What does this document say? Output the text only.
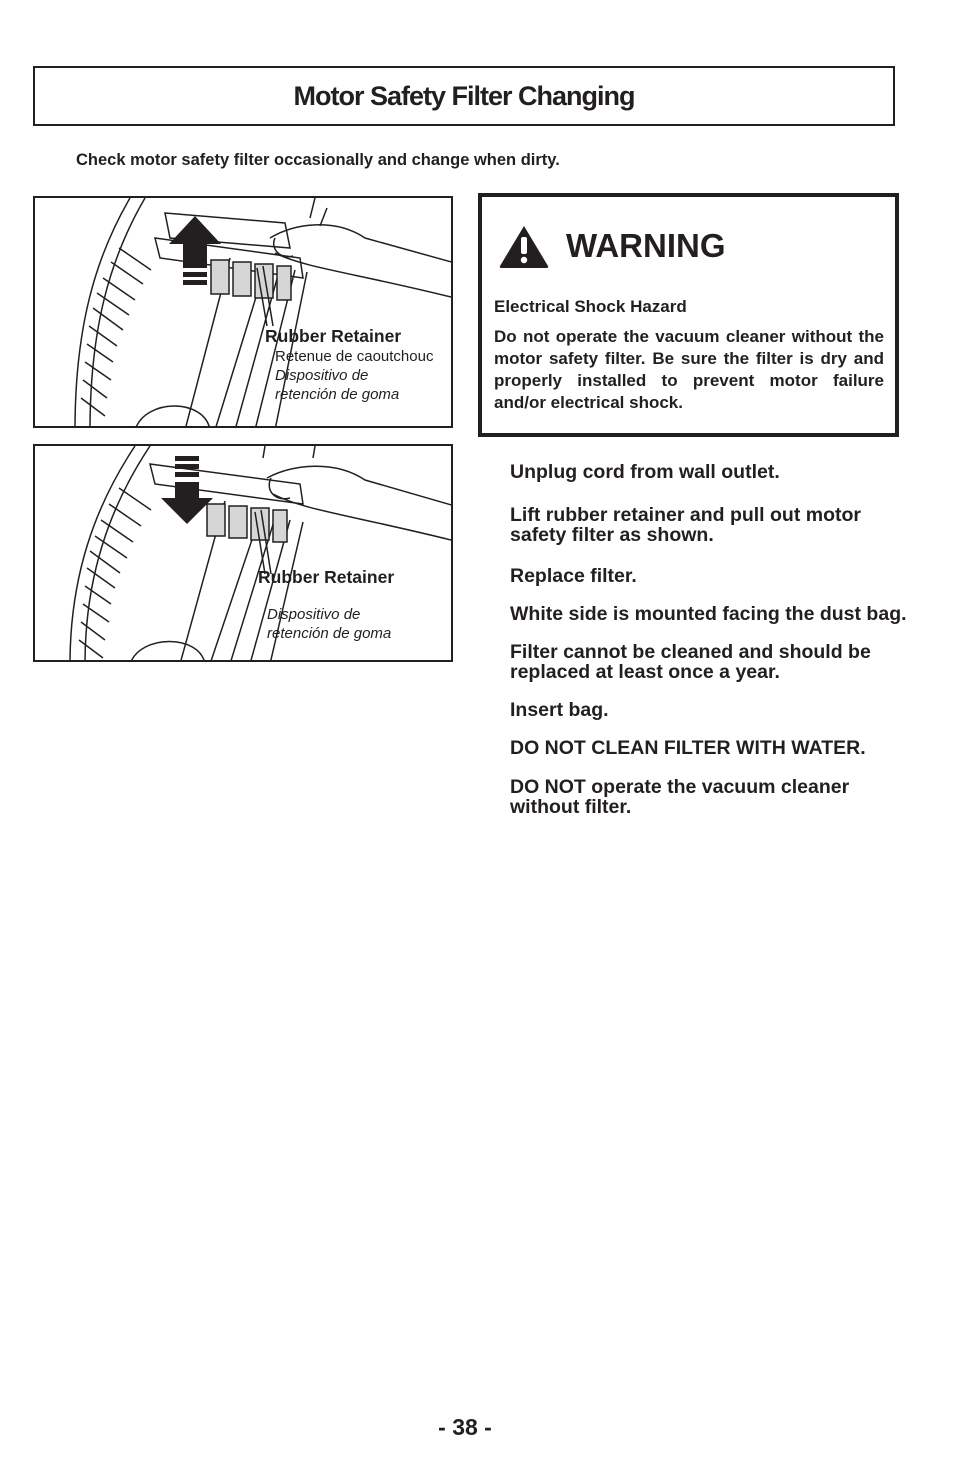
Motor Safety Filter Changing
Check motor safety filter occasionally and change when dirty.
Rubber Retainer
Retenue de caoutchouc
Dispositivo de
retención de goma
Rubber Retainer
Dispositivo de
retención de goma
WARNING
Electrical Shock Hazard
Do not operate the vacuum cleaner without the motor safety filter. Be sure the filter is dry and properly installed to prevent motor failure and/or electrical shock.

Unplug cord from wall outlet.

Lift rubber retainer and pull out motor safety filter as shown.

Replace filter.

White side is mounted facing the dust bag.

Filter cannot be cleaned and should be replaced at least once a year.

Insert bag.

DO NOT CLEAN FILTER WITH WATER.

DO NOT operate the vacuum cleaner without filter.

- 38 -
